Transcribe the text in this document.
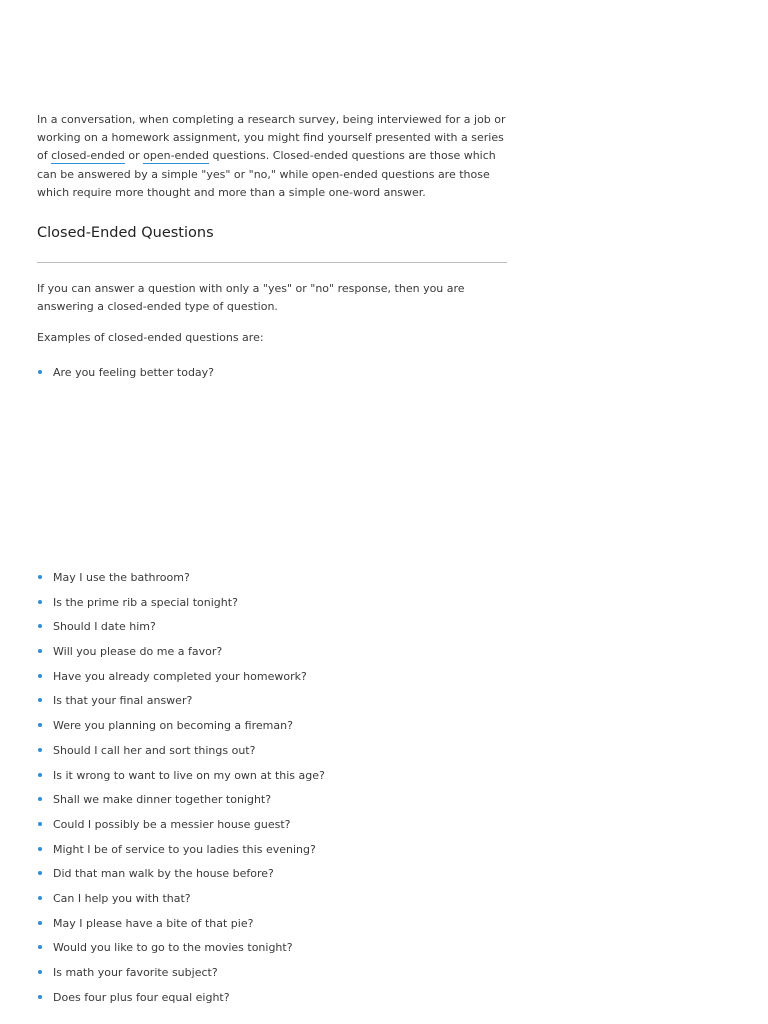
In a conversation, when completing a research survey, being interviewed for a job or working on a homework assignment, you might find yourself presented with a series of closed-ended or open-ended questions. Closed-ended questions are those which can be answered by a simple "yes" or "no," while open-ended questions are those which require more thought and more than a simple one-word answer.

Closed-Ended Questions

If you can answer a question with only a "yes" or "no" response, then you are answering a closed-ended type of question.

Examples of closed-ended questions are:

Are you feeling better today?
May I use the bathroom?
Is the prime rib a special tonight?
Should I date him?
Will you please do me a favor?
Have you already completed your homework?
Is that your final answer?
Were you planning on becoming a fireman?
Should I call her and sort things out?
Is it wrong to want to live on my own at this age?
Shall we make dinner together tonight?
Could I possibly be a messier house guest?
Might I be of service to you ladies this evening?
Did that man walk by the house before?
Can I help you with that?
May I please have a bite of that pie?
Would you like to go to the movies tonight?
Is math your favorite subject?
Does four plus four equal eight?
